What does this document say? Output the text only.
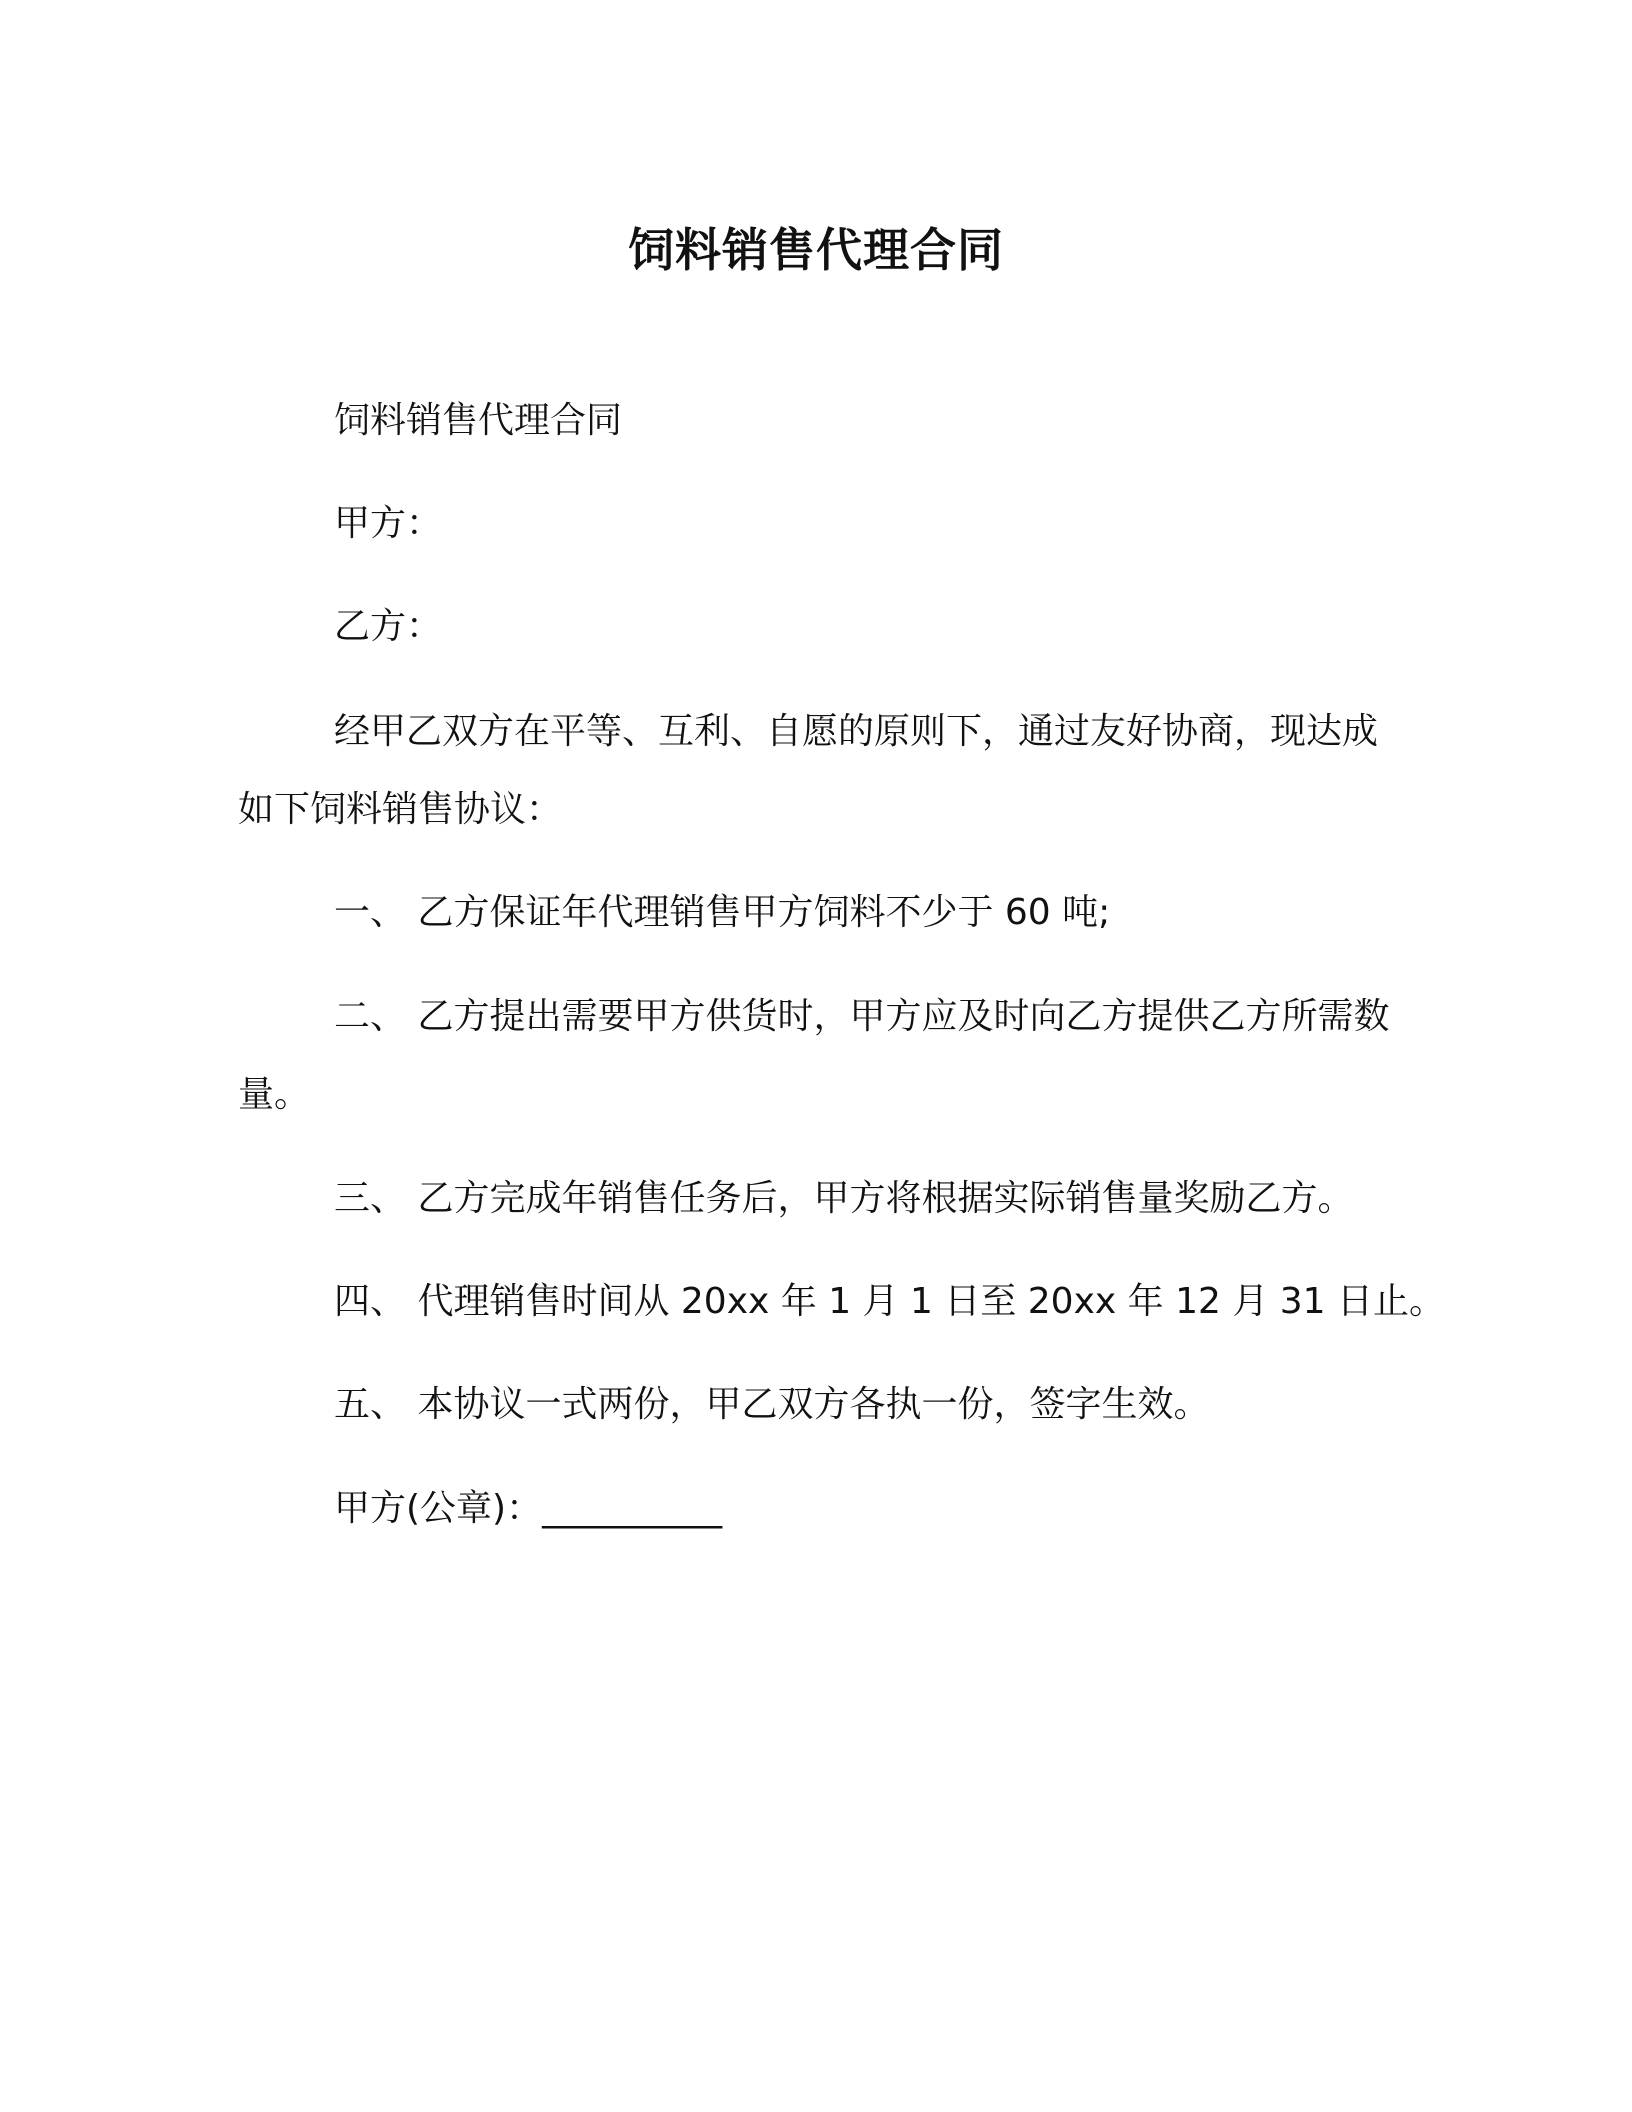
饲料销售代理合同
饲料销售代理合同
甲方：
乙方：
经甲乙双方在平等、互利、自愿的原则下，通过友好协商，现达成如下饲料销售协议：
一、 乙方保证年代理销售甲方饲料不少于 60 吨;
二、 乙方提出需要甲方供货时，甲方应及时向乙方提供乙方所需数量。
三、 乙方完成年销售任务后，甲方将根据实际销售量奖励乙方。
四、 代理销售时间从 20xx 年 1 月 1 日至 20xx 年 12 月 31 日止。
五、 本协议一式两份，甲乙双方各执一份，签字生效。
甲方(公章)：__________
